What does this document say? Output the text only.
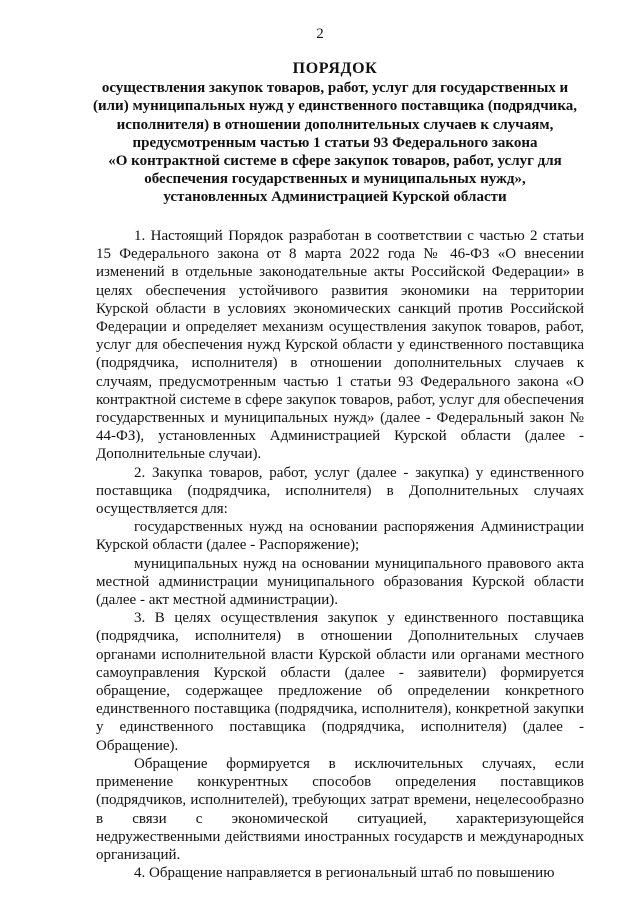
2
ПОРЯДОК
осуществления закупок товаров, работ, услуг для государственных и
(или) муниципальных нужд у единственного поставщика (подрядчика,
исполнителя) в отношении дополнительных случаев к случаям,
предусмотренным частью 1 статьи 93 Федерального закона
«О контрактной системе в сфере закупок товаров, работ, услуг для
обеспечения государственных и муниципальных нужд»,
установленных Администрацией Курской области

1. Настоящий Порядок разработан в соответствии с частью 2 статьи 15 Федерального закона от 8 марта 2022 года № 46-ФЗ «О внесении изменений в отдельные законодательные акты Российской Федерации» в целях обеспечения устойчивого развития экономики на территории Курской области в условиях экономических санкций против Российской Федерации и определяет механизм осуществления закупок товаров, работ, услуг для обеспечения нужд Курской области у единственного поставщика (подрядчика, исполнителя) в отношении дополнительных случаев к случаям, предусмотренным частью 1 статьи 93 Федерального закона «О контрактной системе в сфере закупок товаров, работ, услуг для обеспечения государственных и муниципальных нужд» (далее - Федеральный закон № 44-ФЗ), установленных Администрацией Курской области (далее - Дополнительные случаи).

2. Закупка товаров, работ, услуг (далее - закупка) у единственного поставщика (подрядчика, исполнителя) в Дополнительных случаях осуществляется для:

государственных нужд на основании распоряжения Администрации Курской области (далее - Распоряжение);

муниципальных нужд на основании муниципального правового акта местной администрации муниципального образования Курской области (далее - акт местной администрации).

3. В целях осуществления закупок у единственного поставщика (подрядчика, исполнителя) в отношении Дополнительных случаев органами исполнительной власти Курской области или органами местного самоуправления Курской области (далее - заявители) формируется обращение, содержащее предложение об определении конкретного единственного поставщика (подрядчика, исполнителя), конкретной закупки у единственного поставщика (подрядчика, исполнителя) (далее - Обращение).

Обращение формируется в исключительных случаях, если применение конкурентных способов определения поставщиков (подрядчиков, исполнителей), требующих затрат времени, нецелесообразно в связи с экономической ситуацией, характеризующейся недружественными действиями иностранных государств и международных организаций.

4. Обращение направляется в региональный штаб по повышению
